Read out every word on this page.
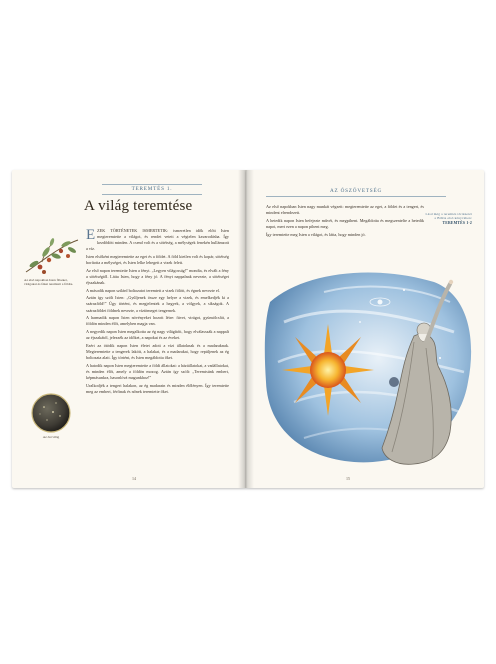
TEREMTÉS 1.
A világ teremtése
Az első napokban Isten füveket, virágokat és fákat teremtett a földre.
Az ősi világ

EZEK TÖRTÉNETEK ISMERTETIK: ismeretlen idők előtt Isten megteremtette a világot, és rendet vetett a végtelen kavarodásba. Így kezdődött minden. A csend volt és a sötétség, a mélységek fenekén hullámzott a víz.

Isten elsőként megteremtette az eget és a földet. A föld kietlen volt és kopár, sötétség borította a mélységet, és Isten lelke lebegett a vizek felett.

Az első napon teremtette Isten a fényt. „Legyen világosság!” mondta, és elvált a fény a sötétségtől. Látta Isten, hogy a fény jó. A fényt nappalnak nevezte, a sötétséget éjszakának.

A második napon szilárd boltozatot teremtett a vizek fölött, és égnek nevezte el.

Aztán így szólt Isten: „Gyűljenek össze egy helyre a vizek, és emelkedjék ki a szárazföld!” Úgy történt, és megjelentek a hegyek, a völgyek, a síkságok. A szárazföldet földnek nevezte, a víztömeget tengernek.

A harmadik napon Isten növényeket hozott létre: füvet, virágot, gyümölcsfát, a földön minden élőt, amelyben magja van.

A negyedik napon Isten megalkotta az ég nagy világítóit, hogy elválasszák a nappalt az éjszakától, jelezzék az időket, a napokat és az éveket.

Ezért az ötödik napon Isten életet adott a vízi állatoknak és a madaraknak. Megteremtette a tengerek lakóit, a halakat, és a madarakat, hogy repüljenek az ég boltozata alatt. Így történt, és Isten megáldotta őket.

A hatodik napon Isten megteremtette a földi állatokat: a háziállatokat, a vadállatokat, és minden élőt, amely a földön mozog. Aztán így szólt: „Teremtsünk embert, képmásunkra, hasonlóvá magunkhoz!”

Uralkodjék a tengeri halakon, az ég madarain és minden élőlényen. Így teremtette meg az embert, férfinak és nőnek teremtette őket.

14
AZ ÓSZÖVETSÉG

Az első napokban Isten nagy munkát végzett: megteremtette az eget, a földet és a tengert, és mindent elrendezett.

A hetedik napon Isten befejezte művét, és megpihent. Megáldotta és megszentelte a hetedik napot, mert ezen a napon pihent meg.

Így teremtette meg Isten a világot, és látta, hogy minden jó.

Lásd még a teremtés történetét a Biblia első könyvében:
TEREMTÉS 1-2
15
